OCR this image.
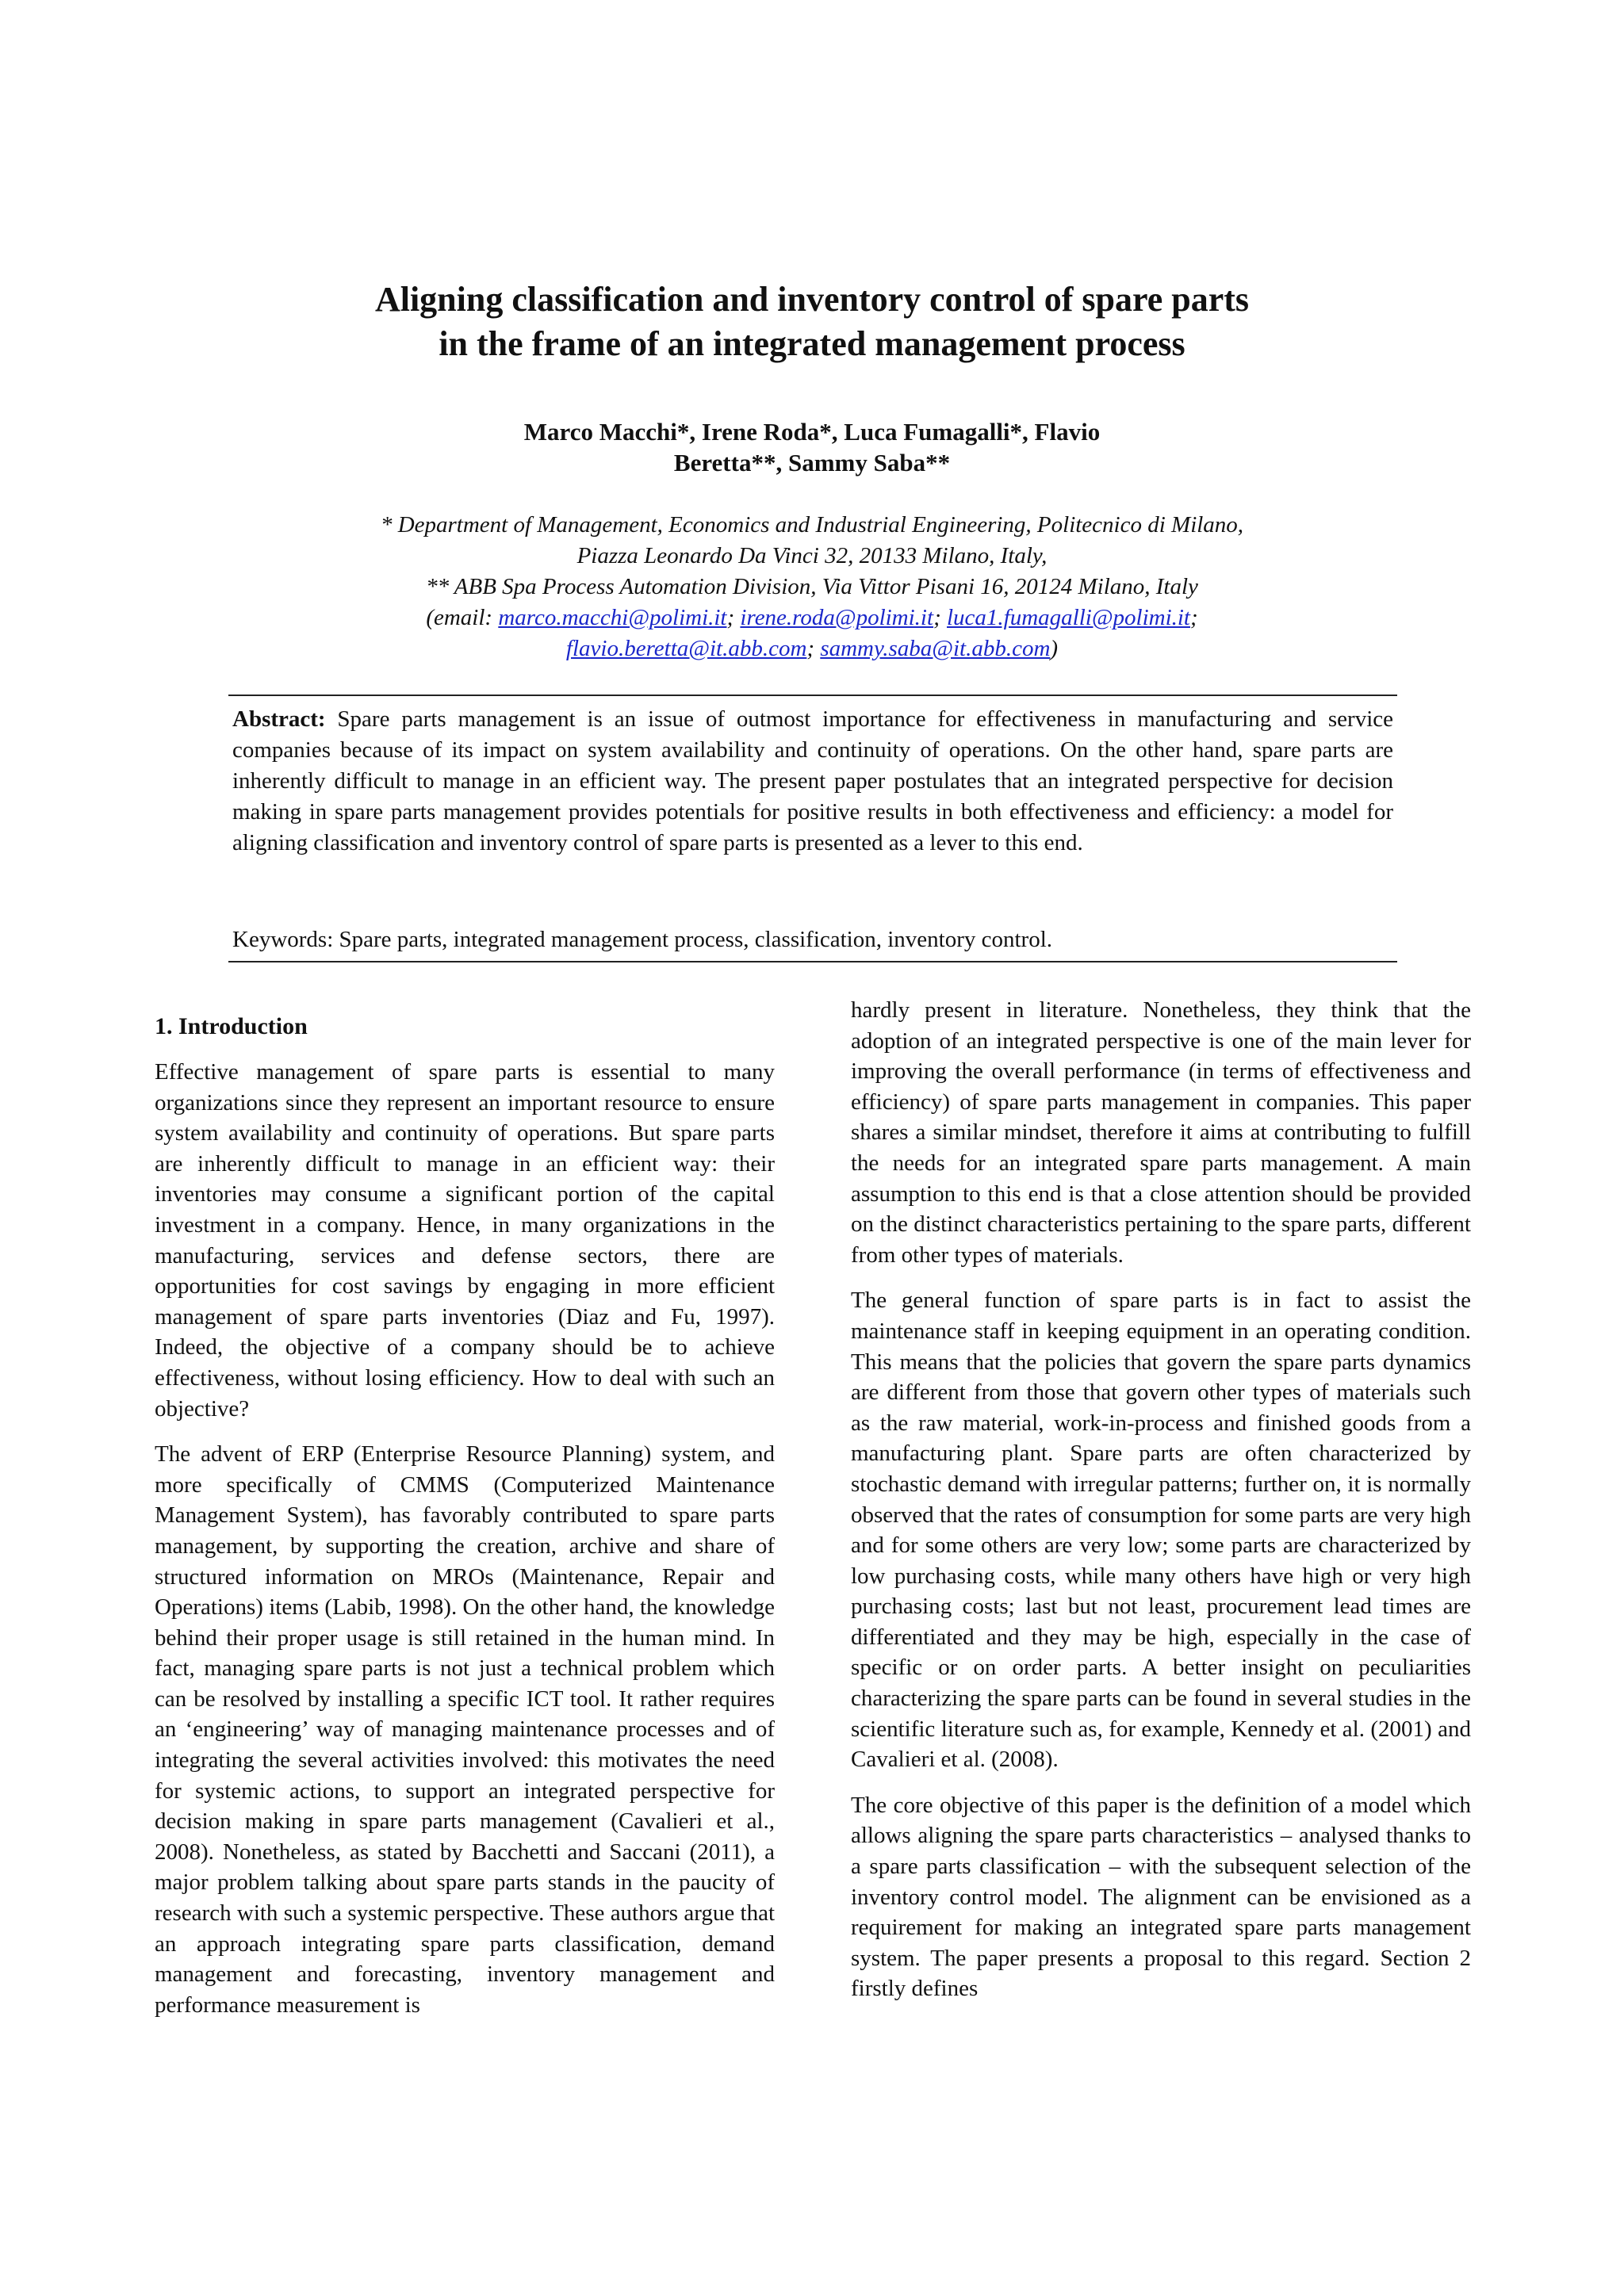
Aligning classification and inventory control of spare parts
in the frame of an integrated management process
Marco Macchi*, Irene Roda*, Luca Fumagalli*, Flavio
Beretta**, Sammy Saba**
* Department of Management, Economics and Industrial Engineering, Politecnico di Milano,
Piazza Leonardo Da Vinci 32, 20133 Milano, Italy,
** ABB Spa Process Automation Division, Via Vittor Pisani 16, 20124 Milano, Italy
(email: marco.macchi@polimi.it; irene.roda@polimi.it; luca1.fumagalli@polimi.it;
flavio.beretta@it.abb.com; sammy.saba@it.abb.com)
Abstract: Spare parts management is an issue of outmost importance for effectiveness in manufacturing and service companies because of its impact on system availability and continuity of operations. On the other hand, spare parts are inherently difficult to manage in an efficient way. The present paper postulates that an integrated perspective for decision making in spare parts management provides potentials for positive results in both effectiveness and efficiency: a model for aligning classification and inventory control of spare parts is presented as a lever to this end.
Keywords: Spare parts, integrated management process, classification, inventory control.
1. Introduction

Effective management of spare parts is essential to many organizations since they represent an important resource to ensure system availability and continuity of operations. But spare parts are inherently difficult to manage in an efficient way: their inventories may consume a significant portion of the capital investment in a company. Hence, in many organizations in the manufacturing, services and defense sectors, there are opportunities for cost savings by engaging in more efficient management of spare parts inventories (Diaz and Fu, 1997). Indeed, the objective of a company should be to achieve effectiveness, without losing efficiency. How to deal with such an objective?

The advent of ERP (Enterprise Resource Planning) system, and more specifically of CMMS (Computerized Maintenance Management System), has favorably contributed to spare parts management, by supporting the creation, archive and share of structured information on MROs (Maintenance, Repair and Operations) items (Labib, 1998). On the other hand, the knowledge behind their proper usage is still retained in the human mind. In fact, managing spare parts is not just a technical problem which can be resolved by installing a specific ICT tool. It rather requires an ‘engineering’ way of managing maintenance processes and of integrating the several activities involved: this motivates the need for systemic actions, to support an integrated perspective for decision making in spare parts management (Cavalieri et al., 2008). Nonetheless, as stated by Bacchetti and Saccani (2011), a major problem talking about spare parts stands in the paucity of research with such a systemic perspective. These authors argue that an approach integrating spare parts classification, demand management and forecasting, inventory management and performance measurement is

hardly present in literature. Nonetheless, they think that the adoption of an integrated perspective is one of the main lever for improving the overall performance (in terms of effectiveness and efficiency) of spare parts management in companies. This paper shares a similar mindset, therefore it aims at contributing to fulfill the needs for an integrated spare parts management. A main assumption to this end is that a close attention should be provided on the distinct characteristics pertaining to the spare parts, different from other types of materials.

The general function of spare parts is in fact to assist the maintenance staff in keeping equipment in an operating condition. This means that the policies that govern the spare parts dynamics are different from those that govern other types of materials such as the raw material, work-in-process and finished goods from a manufacturing plant. Spare parts are often characterized by stochastic demand with irregular patterns; further on, it is normally observed that the rates of consumption for some parts are very high and for some others are very low; some parts are characterized by low purchasing costs, while many others have high or very high purchasing costs; last but not least, procurement lead times are differentiated and they may be high, especially in the case of specific or on order parts. A better insight on peculiarities characterizing the spare parts can be found in several studies in the scientific literature such as, for example, Kennedy et al. (2001) and Cavalieri et al. (2008).

The core objective of this paper is the definition of a model which allows aligning the spare parts characteristics – analysed thanks to a spare parts classification – with the subsequent selection of the inventory control model. The alignment can be envisioned as a requirement for making an integrated spare parts management system. The paper presents a proposal to this regard. Section 2 firstly defines
